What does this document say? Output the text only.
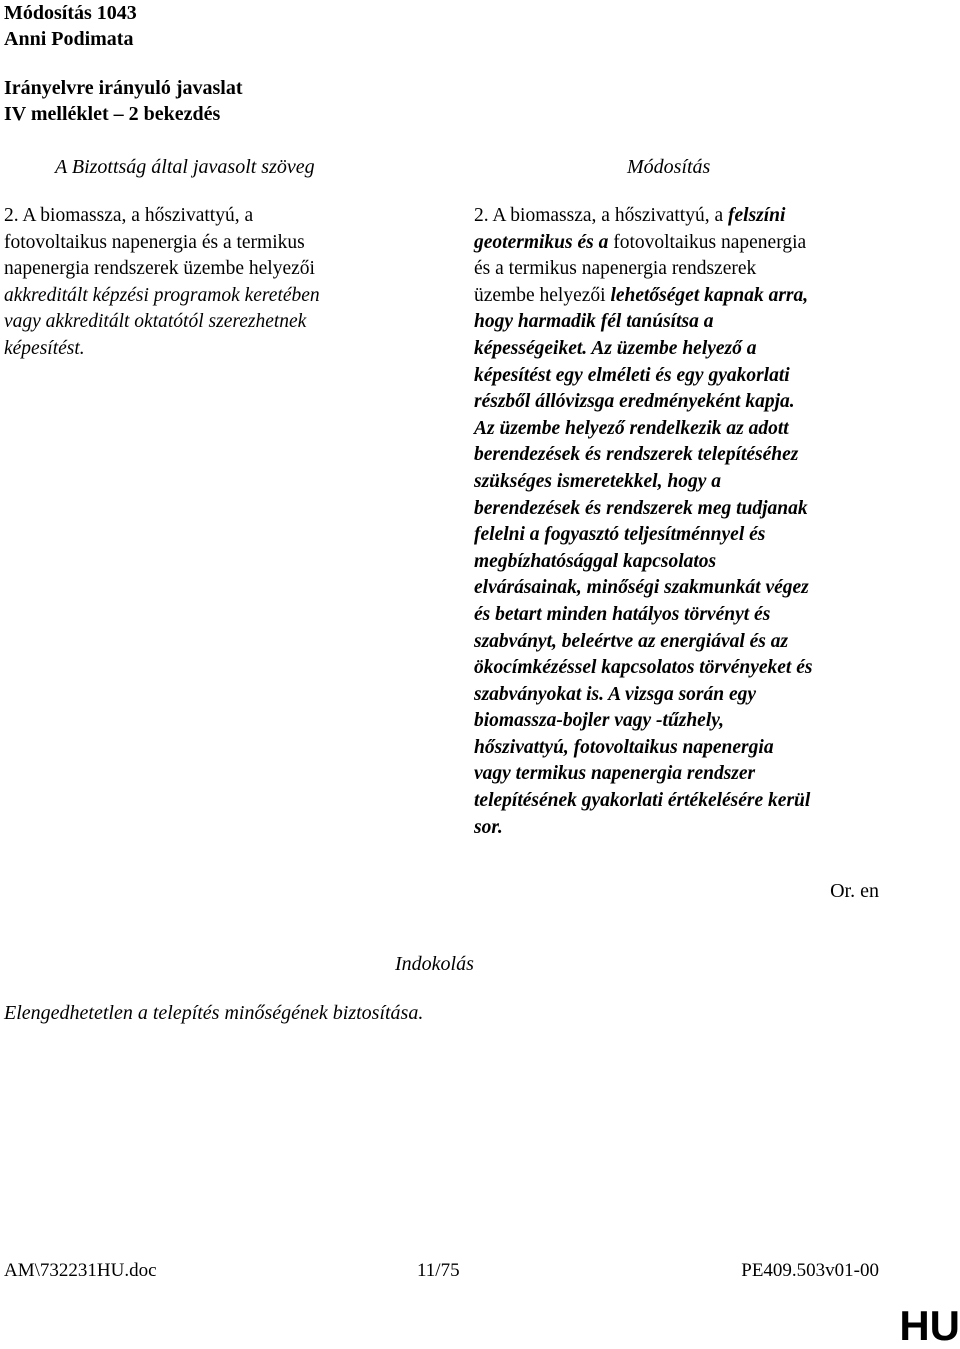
Módosítás 1043
Anni Podimata
Irányelvre irányuló javaslat
IV melléklet – 2 bekezdés
A Bizottság által javasolt szöveg	Módosítás

2. A biomassza, a hőszivattyú, a

fotovoltaikus napenergia és a termikus

napenergia rendszerek üzembe helyezői

akkreditált képzési programok keretében

vagy akkreditált oktatótól szerezhetnek

képesítést.

2. A biomassza, a hőszivattyú, a felszíni

geotermikus és a fotovoltaikus napenergia

és a termikus napenergia rendszerek

üzembe helyezői lehetőséget kapnak arra,

hogy harmadik fél tanúsítsa a

képességeiket. Az üzembe helyező a

képesítést egy elméleti és egy gyakorlati

részből állóvizsga eredményeként kapja.

Az üzembe helyező rendelkezik az adott

berendezések és rendszerek telepítéséhez

szükséges ismeretekkel, hogy a

berendezések és rendszerek meg tudjanak

felelni a fogyasztó teljesítménnyel és

megbízhatósággal kapcsolatos

elvárásainak, minőségi szakmunkát végez

és betart minden hatályos törvényt és

szabványt, beleértve az energiával és az

ökocímkézéssel kapcsolatos törvényeket és

szabványokat is. A vizsga során egy

biomassza-bojler vagy -tűzhely,

hőszivattyú, fotovoltaikus napenergia

vagy termikus napenergia rendszer

telepítésének gyakorlati értékelésére kerül

sor.

Or. en
Indokolás
Elengedhetetlen a telepítés minőségének biztosítása.
AM\732231HU.doc	11/75	PE409.503v01-00
HU
